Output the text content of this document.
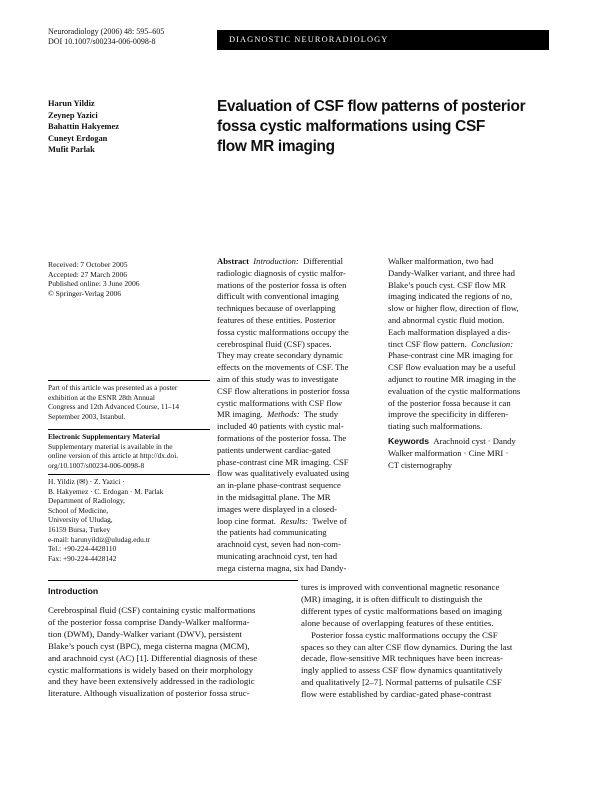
Neuroradiology (2006) 48: 595–605
DOI 10.1007/s00234-006-0098-8	DIAGNOSTIC NEURORADIOLOGY
Harun Yildiz
Zeynep Yazici
Bahattin Hakyemez
Cuneyt Erdogan
Mufit Parlak
Evaluation of CSF flow patterns of posterior
fossa cystic malformations using CSF
flow MR imaging
Received: 7 October 2005
Accepted: 27 March 2006
Published online: 3 June 2006
© Springer-Verlag 2006
Part of this article was presented as a poster
exhibition at the ESNR 28th Annual
Congress and 12th Advanced Course, 11–14
September 2003, Istanbul.
Electronic Supplementary Material
Supplementary material is available in the
online version of this article at http://dx.doi.
org/10.1007/s00234-006-0098-8
H. Yildiz (✉) · Z. Yazici ·
B. Hakyemez · C. Erdogan · M. Parlak
Department of Radiology,
School of Medicine,
University of Uludag,
16159 Bursa, Turkey
e-mail: harunyildiz@uludag.edu.tr
Tel.: +90-224-4428110
Fax: +90-224-4428142
Abstract Introduction: Differential
radiologic diagnosis of cystic malfor-
mations of the posterior fossa is often
difficult with conventional imaging
techniques because of overlapping
features of these entities. Posterior
fossa cystic malformations occupy the
cerebrospinal fluid (CSF) spaces.
They may create secondary dynamic
effects on the movements of CSF. The
aim of this study was to investigate
CSF flow alterations in posterior fossa
cystic malformations with CSF flow
MR imaging. Methods: The study
included 40 patients with cystic mal-
formations of the posterior fossa. The
patients underwent cardiac-gated
phase-contrast cine MR imaging. CSF
flow was qualitatively evaluated using
an in-plane phase-contrast sequence
in the midsagittal plane. The MR
images were displayed in a closed-
loop cine format. Results: Twelve of
the patients had communicating
arachnoid cyst, seven had non-com-
municating arachnoid cyst, ten had
mega cisterna magna, six had Dandy-
Walker malformation, two had
Dandy-Walker variant, and three had
Blake’s pouch cyst. CSF flow MR
imaging indicated the regions of no,
slow or higher flow, direction of flow,
and abnormal cystic fluid motion.
Each malformation displayed a dis-
tinct CSF flow pattern. Conclusion:
Phase-contrast cine MR imaging for
CSF flow evaluation may be a useful
adjunct to routine MR imaging in the
evaluation of the cystic malformations
of the posterior fossa because it can
improve the specificity in differen-
tiating such malformations.
Keywords Arachnoid cyst · Dandy
Walker malformation · Cine MRI ·
CT cisternography
Introduction
Cerebrospinal fluid (CSF) containing cystic malformations
of the posterior fossa comprise Dandy-Walker malforma-
tion (DWM), Dandy-Walker variant (DWV), persistent
Blake’s pouch cyst (BPC), mega cisterna magna (MCM),
and arachnoid cyst (AC) [1]. Differential diagnosis of these
cystic malformations is widely based on their morphology
and they have been extensively addressed in the radiologic
literature. Although visualization of posterior fossa struc-
tures is improved with conventional magnetic resonance
(MR) imaging, it is often difficult to distinguish the
different types of cystic malformations based on imaging
alone because of overlapping features of these entities.
Posterior fossa cystic malformations occupy the CSF
spaces so they can alter CSF flow dynamics. During the last
decade, flow-sensitive MR techniques have been increas-
ingly applied to assess CSF flow dynamics quantitatively
and qualitatively [2–7]. Normal patterns of pulsatile CSF
flow were established by cardiac-gated phase-contrast
